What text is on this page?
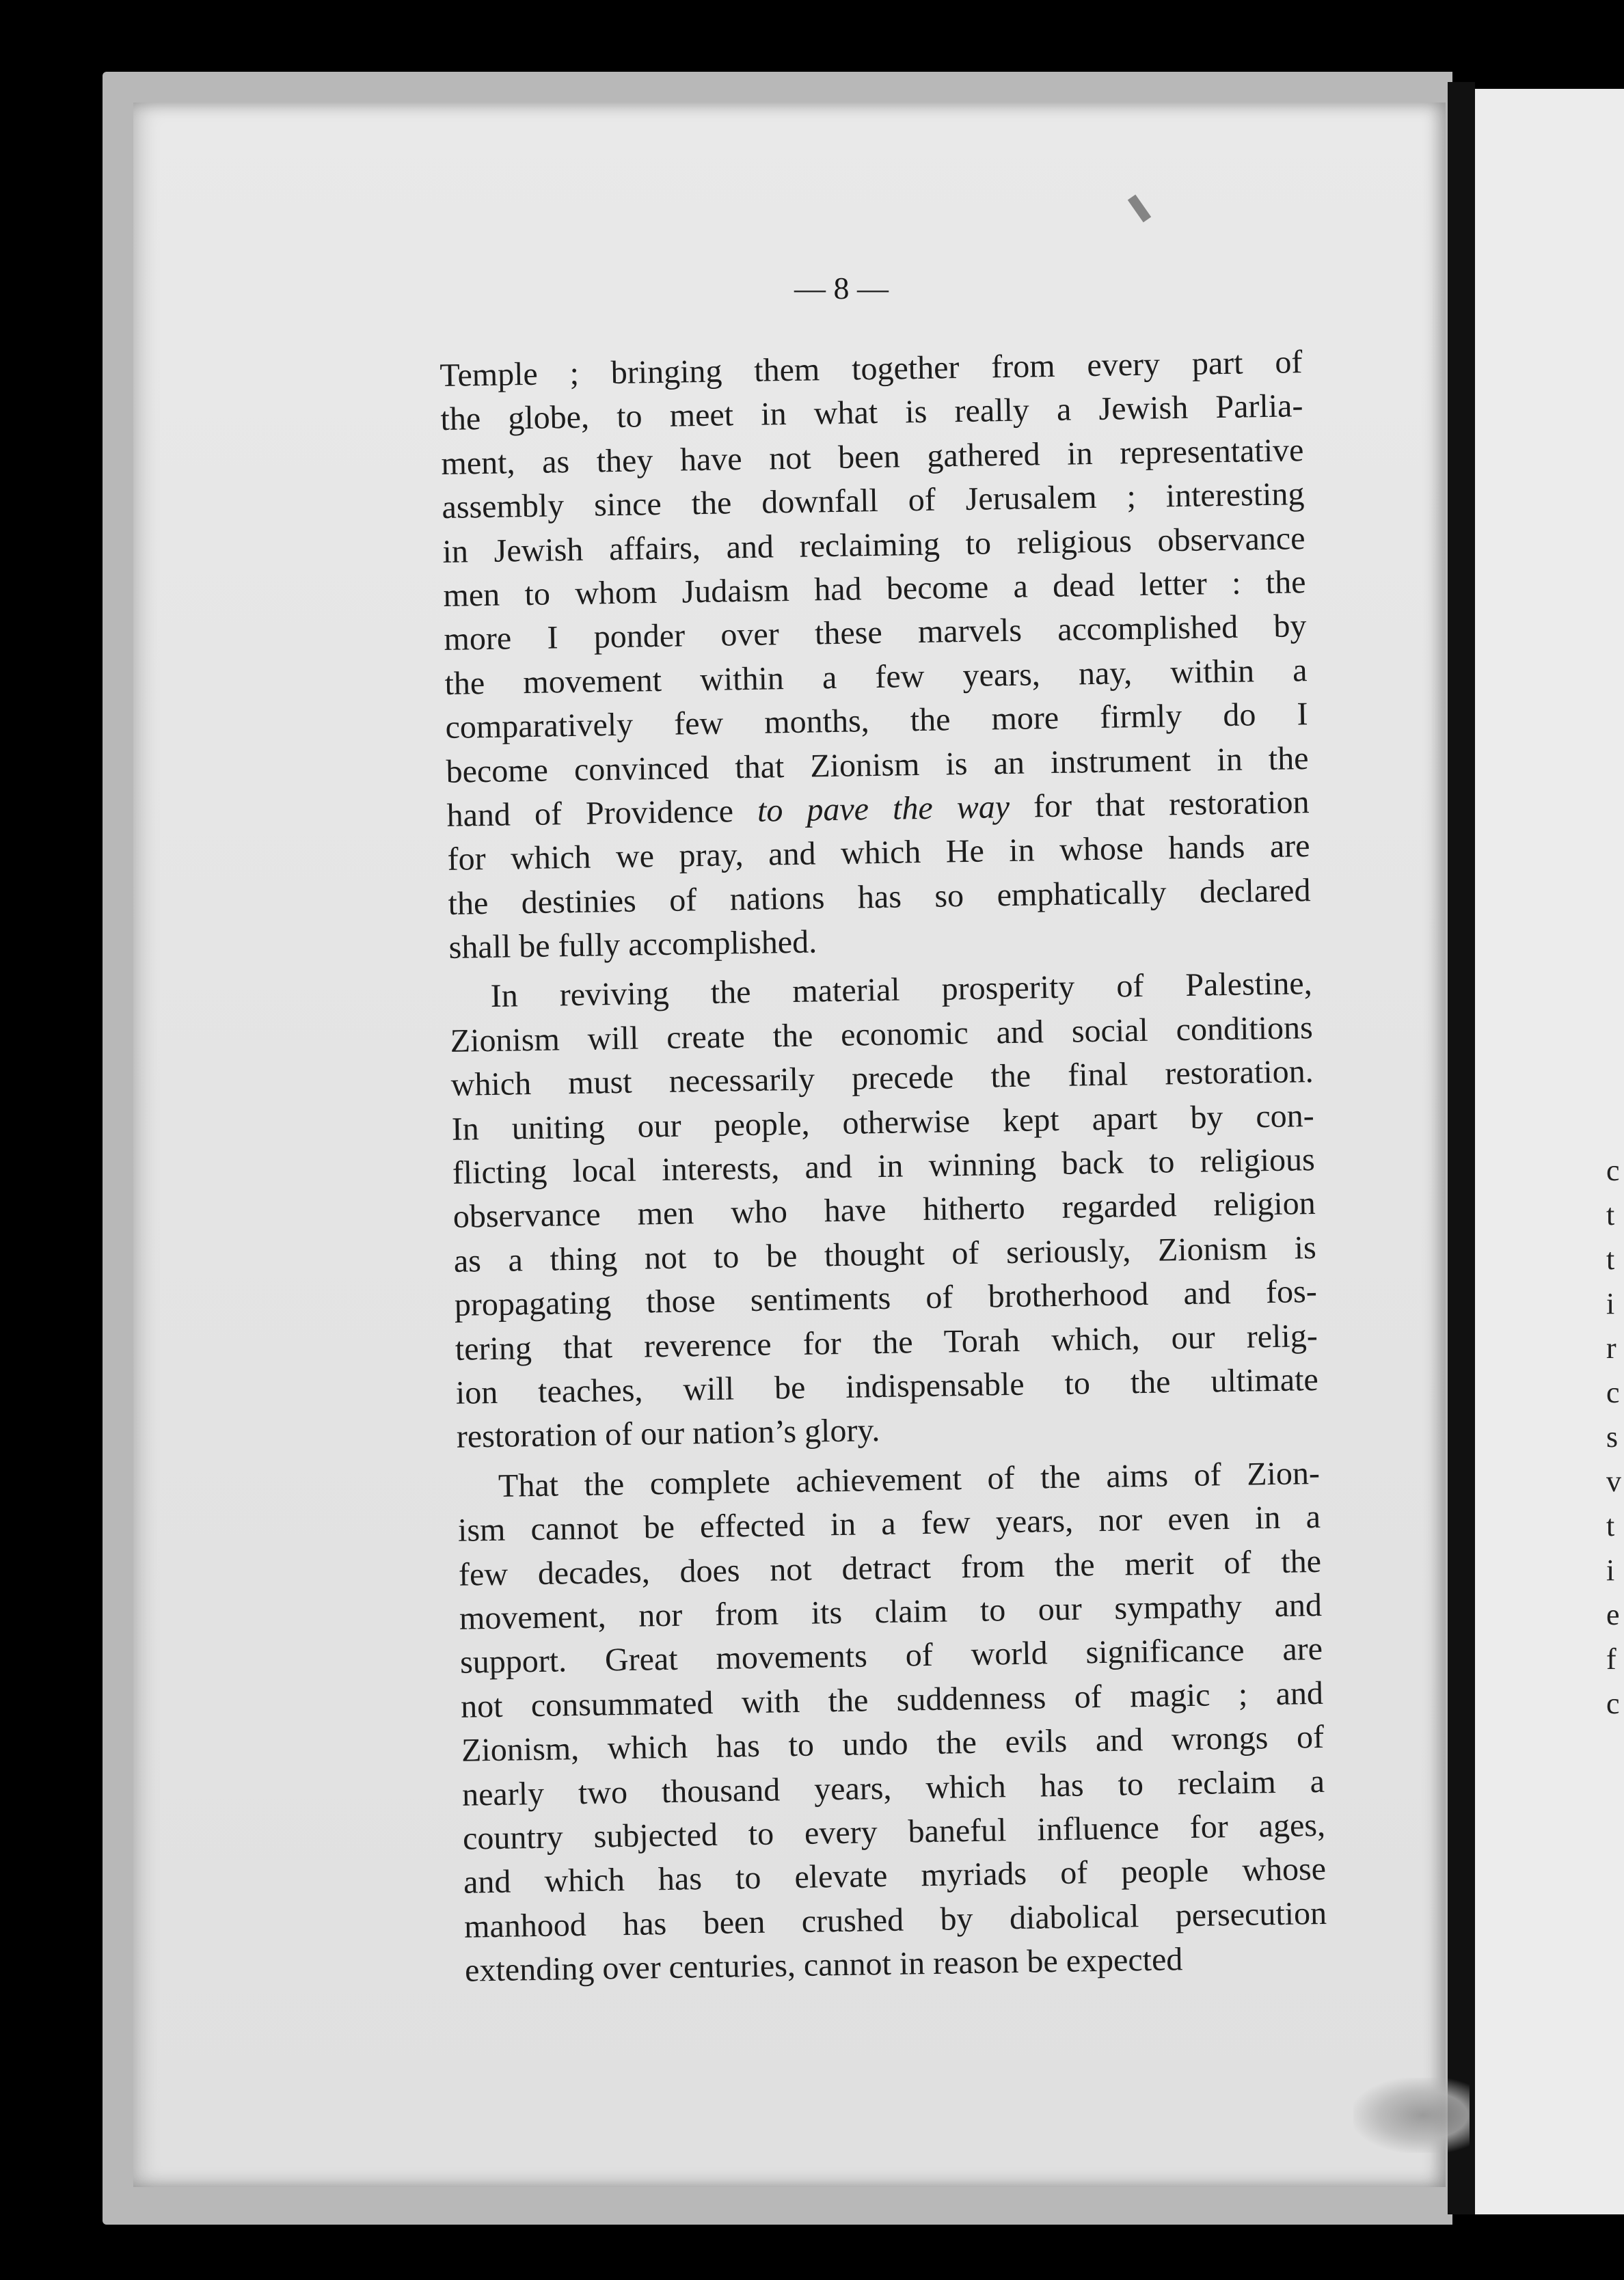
c
t
t
i
r
c
s
v
t
i
e
f
c
— 8 —
Temple ; bringing them together from every part of
the globe, to meet in what is really a Jewish Parlia-
ment, as they have not been gathered in representative
assembly since the downfall of Jerusalem ; interesting
in Jewish affairs, and reclaiming to religious observance
men to whom Judaism had become a dead letter : the
more I ponder over these marvels accomplished by
the movement within a few years, nay, within a
comparatively few months, the more firmly do I
become convinced that Zionism is an instrument in the
hand of Providence to pave the way for that restoration
for which we pray, and which He in whose hands are
the destinies of nations has so emphatically declared
shall be fully accomplished.
In reviving the material prosperity of Palestine,
Zionism will create the economic and social conditions
which must necessarily precede the final restoration.
In uniting our people, otherwise kept apart by con-
flicting local interests, and in winning back to religious
observance men who have hitherto regarded religion
as a thing not to be thought of seriously, Zionism is
propagating those sentiments of brotherhood and fos-
tering that reverence for the Torah which, our relig-
ion teaches, will be indispensable to the ultimate
restoration of our nation’s glory.
That the complete achievement of the aims of Zion-
ism cannot be effected in a few years, nor even in a
few decades, does not detract from the merit of the
movement, nor from its claim to our sympathy and
support. Great movements of world significance are
not consummated with the suddenness of magic ; and
Zionism, which has to undo the evils and wrongs of
nearly two thousand years, which has to reclaim a
country subjected to every baneful influence for ages,
and which has to elevate myriads of people whose
manhood has been crushed by diabolical persecution
extending over centuries, cannot in reason be expected
